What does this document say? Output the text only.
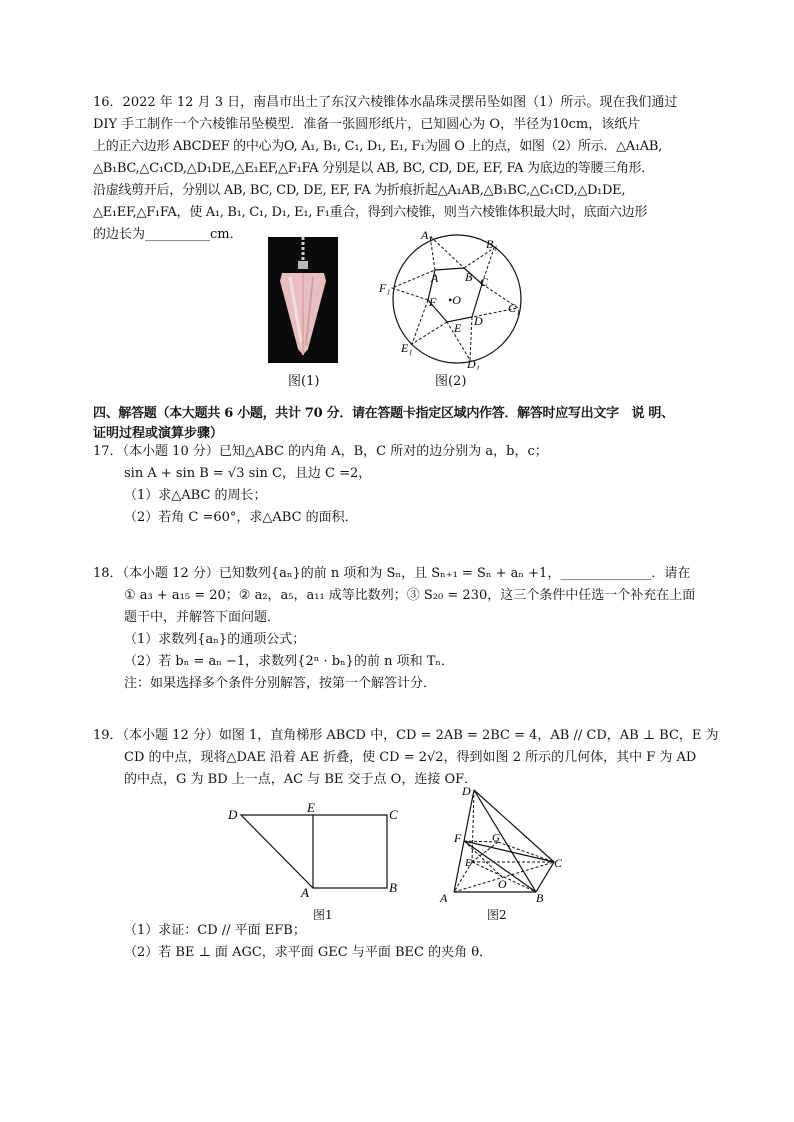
16．2022 年 12 月 3 日，南昌市出土了东汉六棱锥体水晶珠灵摆吊坠如图（1）所示。现在我们通过
DIY 手工制作一个六棱锥吊坠模型．准备一张圆形纸片，已知圆心为 O，半径为10cm，该纸片
上的正六边形 ABCDEF 的中心为O, A₁, B₁, C₁, D₁, E₁, F₁为圆 O 上的点，如图（2）所示．△A₁AB,
△B₁BC,△C₁CD,△D₁DE,△E₁EF,△F₁FA 分别是以 AB, BC, CD, DE, EF, FA 为底边的等腰三角形．
沿虚线剪开后，分别以 AB, BC, CD, DE, EF, FA 为折痕折起△A₁AB,△B₁BC,△C₁CD,△D₁DE,
△E₁EF,△F₁FA，使 A₁, B₁, C₁, D₁, E₁, F₁重合，得到六棱锥，则当六棱锥体积最大时，底面六边形
的边长为__________cm．
图(1)
A₁
B₁
C₁
D₁
E₁
F₁
A B C
D
E
F •O
图(2)
四、解答题（本大题共 6 小题，共计 70 分．请在答题卡指定区域内作答．解答时应写出文字　说 明、
证明过程或演算步骤）
17．（本小题 10 分）已知△ABC 的内角 A，B，C 所对的边分别为 a，b，c；
sin A + sin B = √3 sin C，且边 C =2，
（1）求△ABC 的周长；
（2）若角 C =60°，求△ABC 的面积．
18．（本小题 12 分）已知数列{aₙ}的前 n 项和为 Sₙ，且 Sₙ₊₁ = Sₙ + aₙ +1，______________．请在
① a₃ + a₁₅ = 20；② a₂，a₅，a₁₁ 成等比数列；③ S₂₀ = 230，这三个条件中任选一个补充在上面
题干中，并解答下面问题．
（1）求数列{aₙ}的通项公式；
（2）若 bₙ = aₙ −1，求数列{2ⁿ · bₙ}的前 n 项和 Tₙ．
注：如果选择多个条件分别解答，按第一个解答计分．
19．（本小题 12 分）如图 1，直角梯形 ABCD 中，CD = 2AB = 2BC = 4，AB // CD，AB ⊥ BC，E 为
CD 的中点，现将△DAE 沿着 AE 折叠，使 CD = 2√2，得到如图 2 所示的几何体，其中 F 为 AD
的中点，G 为 BD 上一点，AC 与 BE 交于点 O，连接 OF．
D	E	C
A	B
图1
D
F	G
E	C
O
A	B
图2
（1）求证：CD // 平面 EFB；
（2）若 BE ⊥ 面 AGC，求平面 GEC 与平面 BEC 的夹角 θ．
